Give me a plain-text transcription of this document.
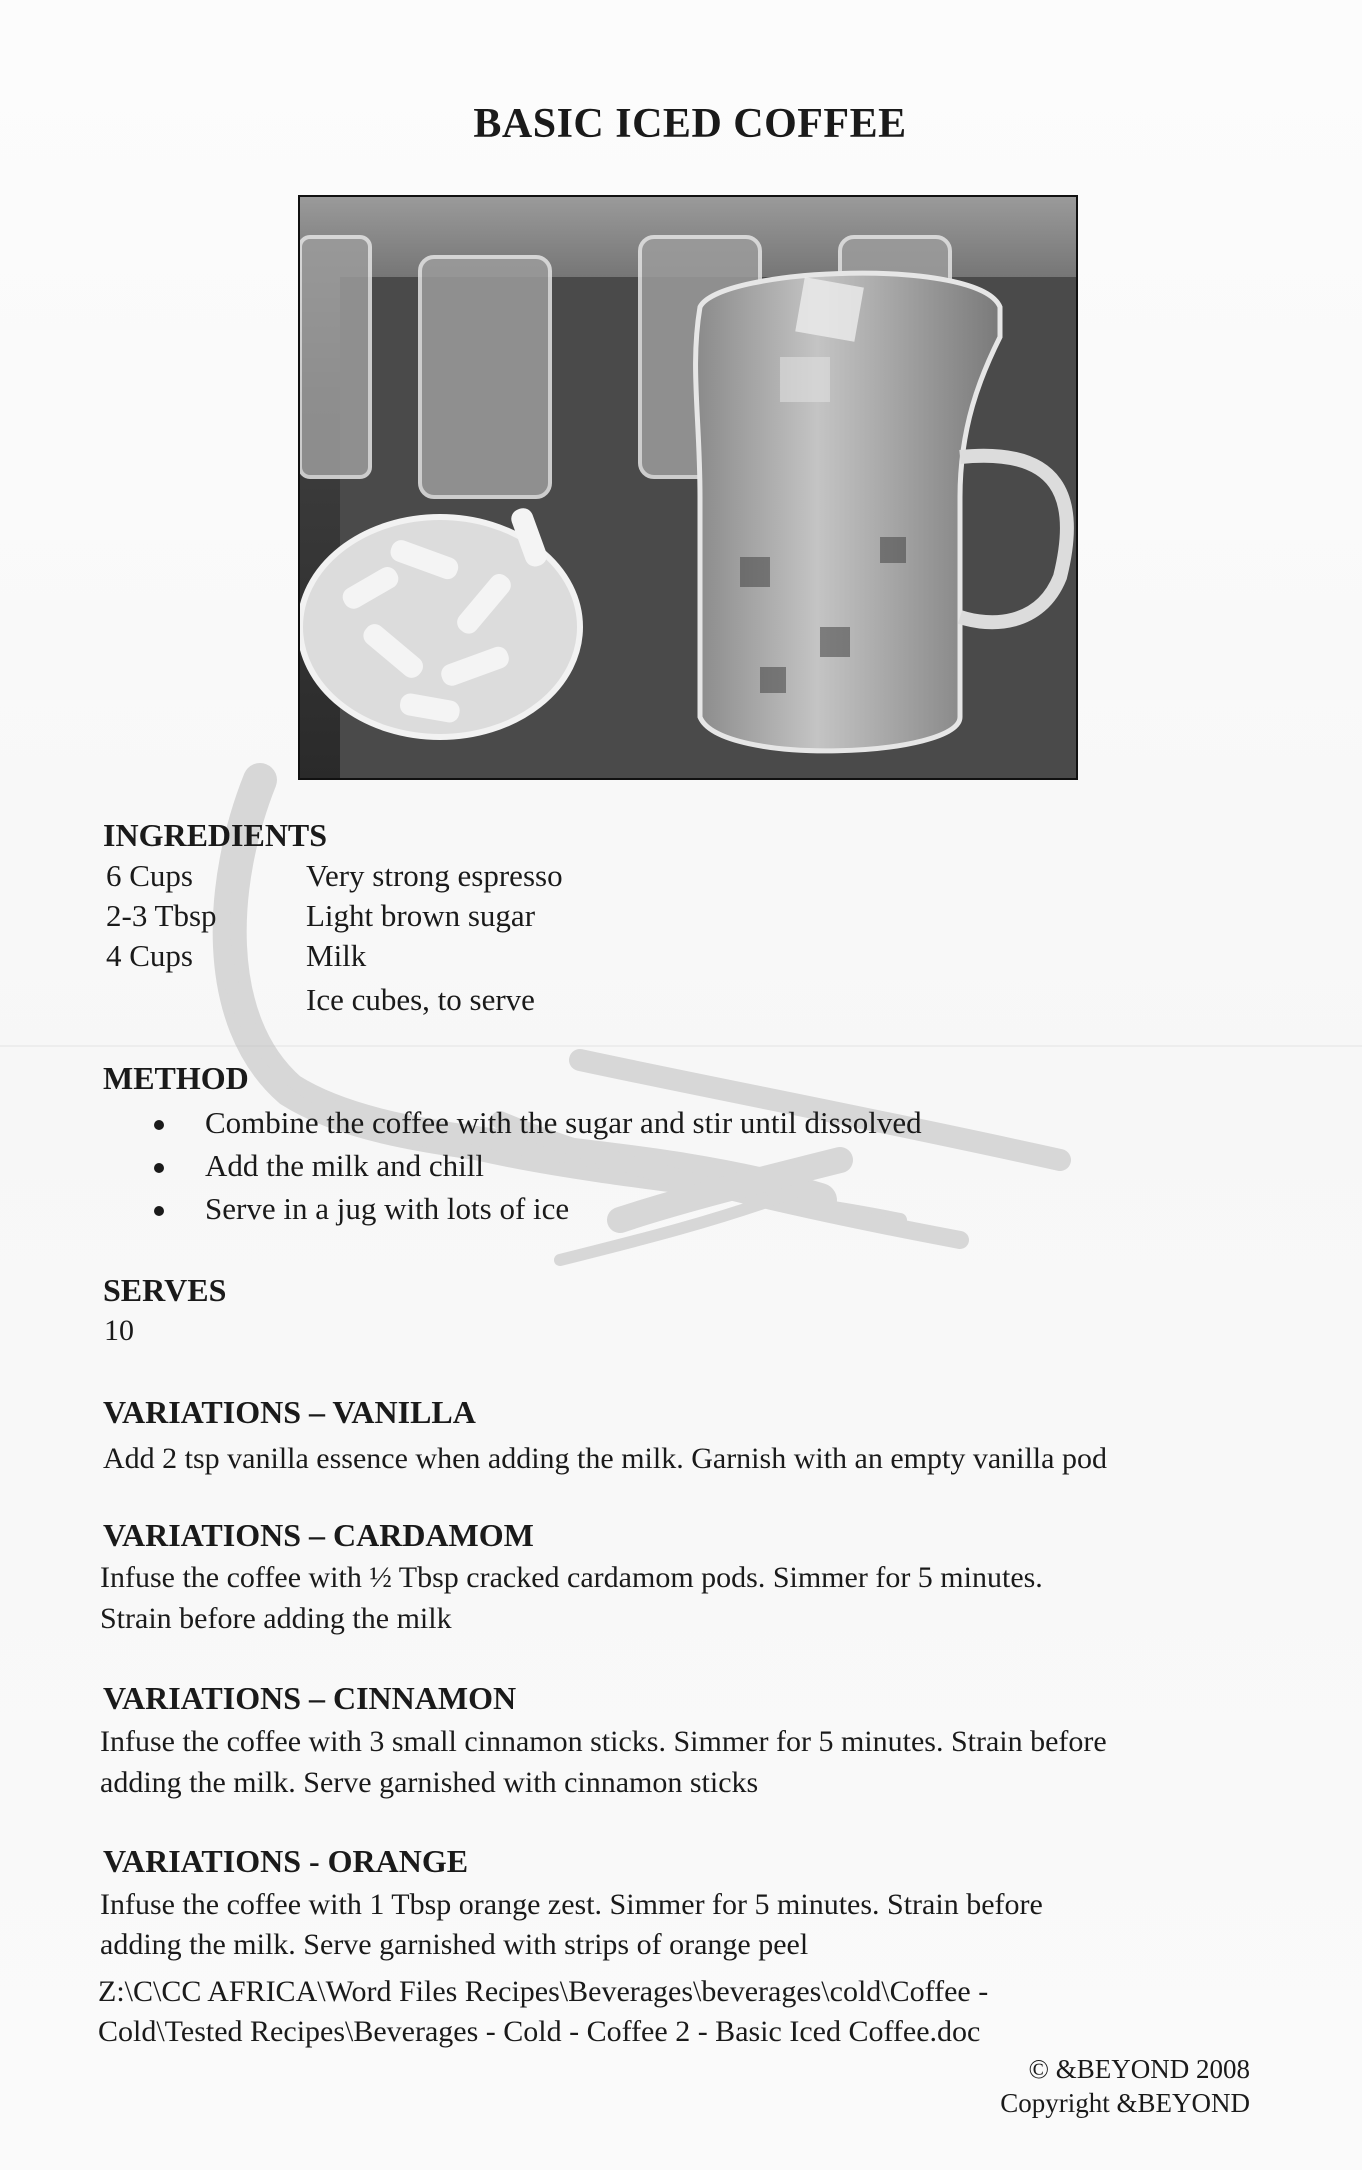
BASIC ICED COFFEE
INGREDIENTS
6 Cups	Very strong espresso
2-3 Tbsp	Light brown sugar
4 Cups	Milk
Ice cubes, to serve
METHOD
Combine the coffee with the sugar and stir until dissolved
Add the milk and chill
Serve in a jug with lots of ice
SERVES
10
VARIATIONS – VANILLA
Add 2 tsp vanilla essence when adding the milk. Garnish with an empty vanilla pod
VARIATIONS – CARDAMOM
Infuse the coffee with ½ Tbsp cracked cardamom pods. Simmer for 5 minutes.
Strain before adding the milk
VARIATIONS – CINNAMON
Infuse the coffee with 3 small cinnamon sticks. Simmer for 5 minutes. Strain before
adding the milk. Serve garnished with cinnamon sticks
VARIATIONS - ORANGE
Infuse the coffee with 1 Tbsp orange zest. Simmer for 5 minutes. Strain before
adding the milk. Serve garnished with strips of orange peel
Z:\C\CC AFRICA\Word Files Recipes\Beverages\beverages\cold\Coffee -
Cold\Tested Recipes\Beverages - Cold - Coffee 2 - Basic Iced Coffee.doc
© &BEYOND 2008
Copyright &BEYOND
